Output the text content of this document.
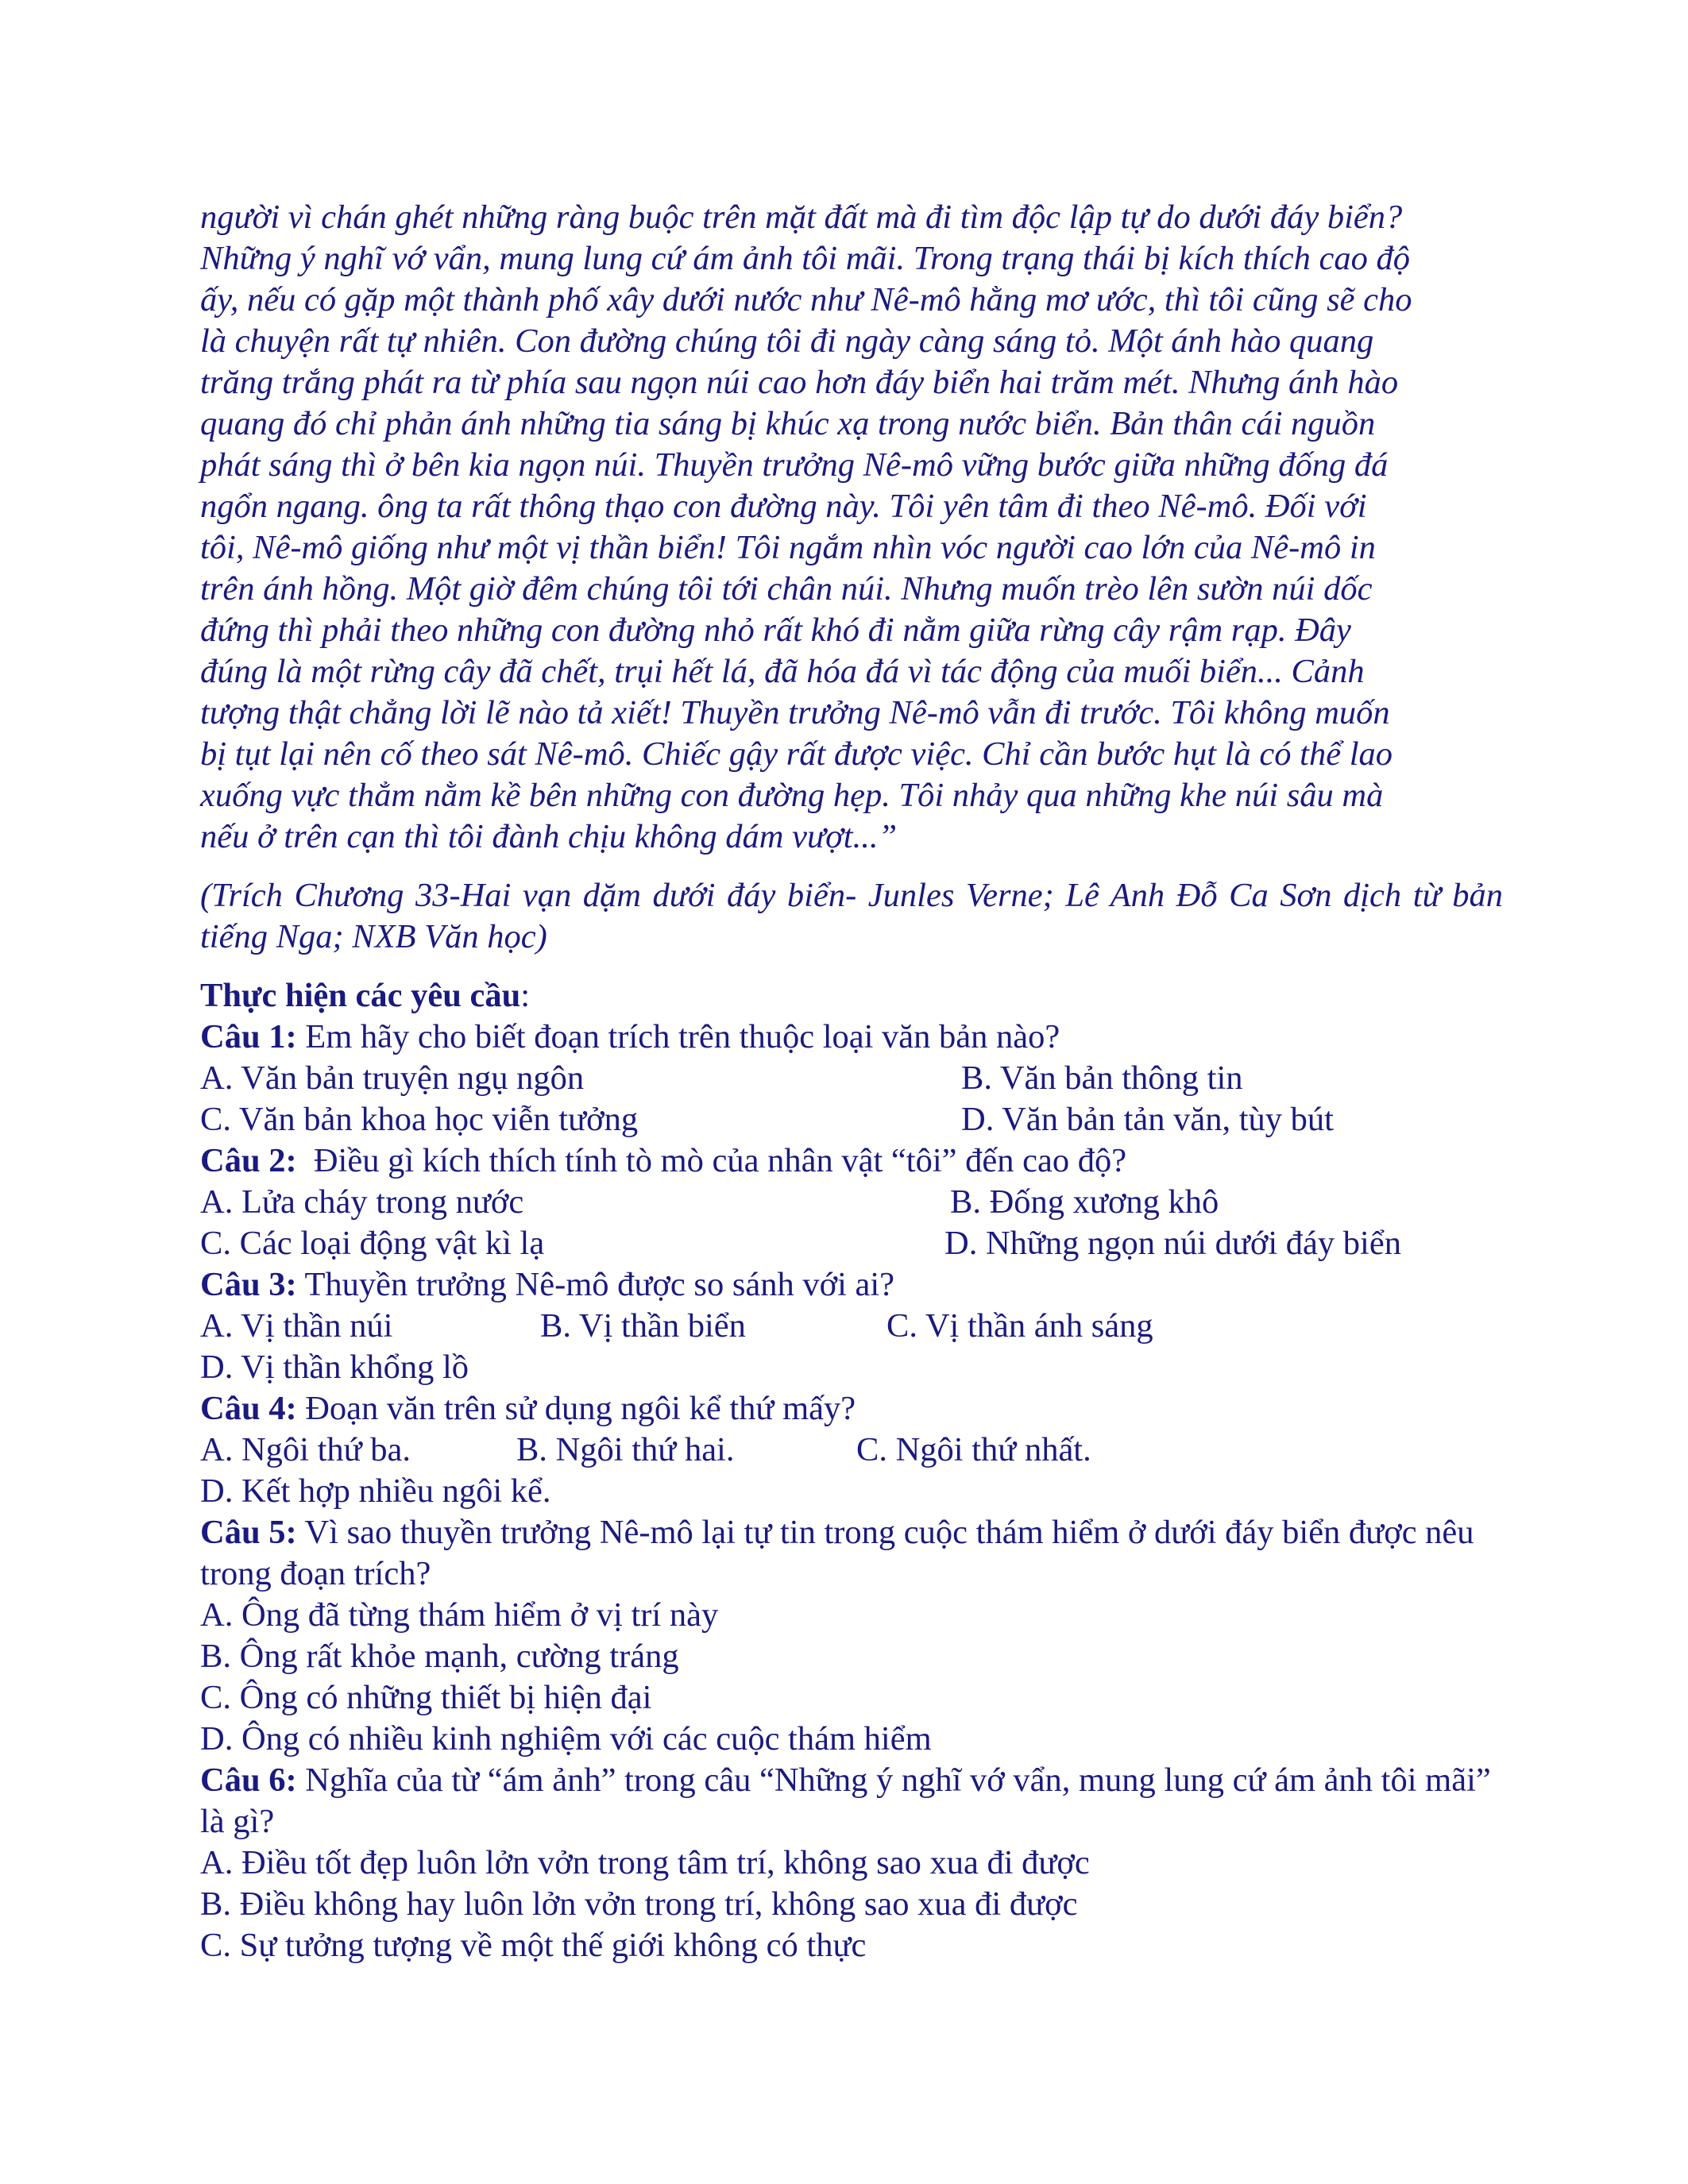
người vì chán ghét những ràng buộc trên mặt đất mà đi tìm độc lập tự do dưới đáy biển?

Những ý nghĩ vớ vẩn, mung lung cứ ám ảnh tôi mãi. Trong trạng thái bị kích thích cao độ

ấy, nếu có gặp một thành phố xây dưới nước như Nê-mô hằng mơ ước, thì tôi cũng sẽ cho

là chuyện rất tự nhiên. Con đường chúng tôi đi ngày càng sáng tỏ. Một ánh hào quang

trăng trắng phát ra từ phía sau ngọn núi cao hơn đáy biển hai trăm mét. Nhưng ánh hào

quang đó chỉ phản ánh những tia sáng bị khúc xạ trong nước biển. Bản thân cái nguồn

phát sáng thì ở bên kia ngọn núi. Thuyền trưởng Nê-mô vững bước giữa những đống đá

ngổn ngang. ông ta rất thông thạo con đường này. Tôi yên tâm đi theo Nê-mô. Đối với

tôi, Nê-mô giống như một vị thần biển! Tôi ngắm nhìn vóc người cao lớn của Nê-mô in

trên ánh hồng. Một giờ đêm chúng tôi tới chân núi. Nhưng muốn trèo lên sườn núi dốc

đứng thì phải theo những con đường nhỏ rất khó đi nằm giữa rừng cây rậm rạp. Đây

đúng là một rừng cây đã chết, trụi hết lá, đã hóa đá vì tác động của muối biển... Cảnh

tượng thật chẳng lời lẽ nào tả xiết! Thuyền trưởng Nê-mô vẫn đi trước. Tôi không muốn

bị tụt lại nên cố theo sát Nê-mô. Chiếc gậy rất được việc. Chỉ cần bước hụt là có thể lao

xuống vực thẳm nằm kề bên những con đường hẹp. Tôi nhảy qua những khe núi sâu mà

nếu ở trên cạn thì tôi đành chịu không dám vượt...”

(Trích Chương 33-Hai vạn dặm dưới đáy biển- Junles Verne; Lê Anh Đỗ Ca Sơn dịch từ bản tiếng Nga; NXB Văn học)
Thực hiện các yêu cầu:
Câu 1: Em hãy cho biết đoạn trích trên thuộc loại văn bản nào?
A. Văn bản truyện ngụ ngôn	B. Văn bản thông tin
C. Văn bản khoa học viễn tưởng	D. Văn bản tản văn, tùy bút
Câu 2:  Điều gì kích thích tính tò mò của nhân vật “tôi” đến cao độ?
A. Lửa cháy trong nước	B. Đống xương khô
C. Các loại động vật kì lạ	D. Những ngọn núi dưới đáy biển
Câu 3: Thuyền trưởng Nê-mô được so sánh với ai?
A. Vị thần núi	B. Vị thần biển	C. Vị thần ánh sáng
D. Vị thần khổng lồ
Câu 4: Đoạn văn trên sử dụng ngôi kể thứ mấy?
A. Ngôi thứ ba.	B. Ngôi thứ hai.	C. Ngôi thứ nhất.
D. Kết hợp nhiều ngôi kể.
Câu 5: Vì sao thuyền trưởng Nê-mô lại tự tin trong cuộc thám hiểm ở dưới đáy biển được nêu trong đoạn trích?
A. Ông đã từng thám hiểm ở vị trí này
B. Ông rất khỏe mạnh, cường tráng
C. Ông có những thiết bị hiện đại
D. Ông có nhiều kinh nghiệm với các cuộc thám hiểm
Câu 6: Nghĩa của từ “ám ảnh” trong câu “Những ý nghĩ vớ vẩn, mung lung cứ ám ảnh tôi mãi” là gì?
A. Điều tốt đẹp luôn lởn vởn trong tâm trí, không sao xua đi được
B. Điều không hay luôn lởn vởn trong trí, không sao xua đi được
C. Sự tưởng tượng về một thế giới không có thực
